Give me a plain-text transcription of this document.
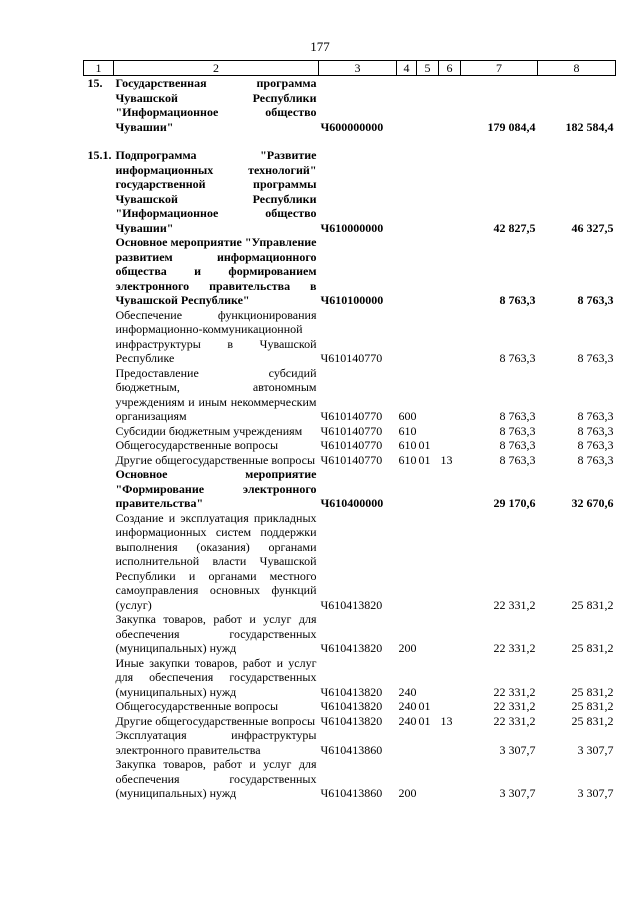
177
1	2	3	4	5	6	7	8
15.	Государственная программа Чувашской Республики "Информационное общество Чувашии"	Ч600000000				179 084,4	182 584,4

15.1.	Подпрограмма "Развитие информационных технологий" государственной программы Чувашской Республики "Информационное общество Чувашии"	Ч610000000				42 827,5	46 327,5
	Основное мероприятие "Управление развитием информационного общества и формированием электронного правительства в Чувашской Республике"	Ч610100000				8 763,3	8 763,3
	Обеспечение функционирования информационно-коммуникационной инфраструктуры в Чувашской Республике	Ч610140770				8 763,3	8 763,3
	Предоставление субсидий бюджетным, автономным учреждениям и иным некоммерческим организациям	Ч610140770	600			8 763,3	8 763,3
	Субсидии бюджетным учреждениям	Ч610140770	610			8 763,3	8 763,3
	Общегосударственные вопросы	Ч610140770	610	01		8 763,3	8 763,3
	Другие общегосударственные вопросы	Ч610140770	610	01	13	8 763,3	8 763,3
	Основное мероприятие "Формирование электронного правительства"	Ч610400000				29 170,6	32 670,6
	Создание и эксплуатация прикладных информационных систем поддержки выполнения (оказания) органами исполнительной власти Чувашской Республики и органами местного самоуправления основных функций (услуг)	Ч610413820				22 331,2	25 831,2
	Закупка товаров, работ и услуг для обеспечения государственных (муниципальных) нужд	Ч610413820	200			22 331,2	25 831,2
	Иные закупки товаров, работ и услуг для обеспечения государственных (муниципальных) нужд	Ч610413820	240			22 331,2	25 831,2
	Общегосударственные вопросы	Ч610413820	240	01		22 331,2	25 831,2
	Другие общегосударственные вопросы	Ч610413820	240	01	13	22 331,2	25 831,2
	Эксплуатация инфраструктуры электронного правительства	Ч610413860				3 307,7	3 307,7
	Закупка товаров, работ и услуг для обеспечения государственных (муниципальных) нужд	Ч610413860	200			3 307,7	3 307,7
